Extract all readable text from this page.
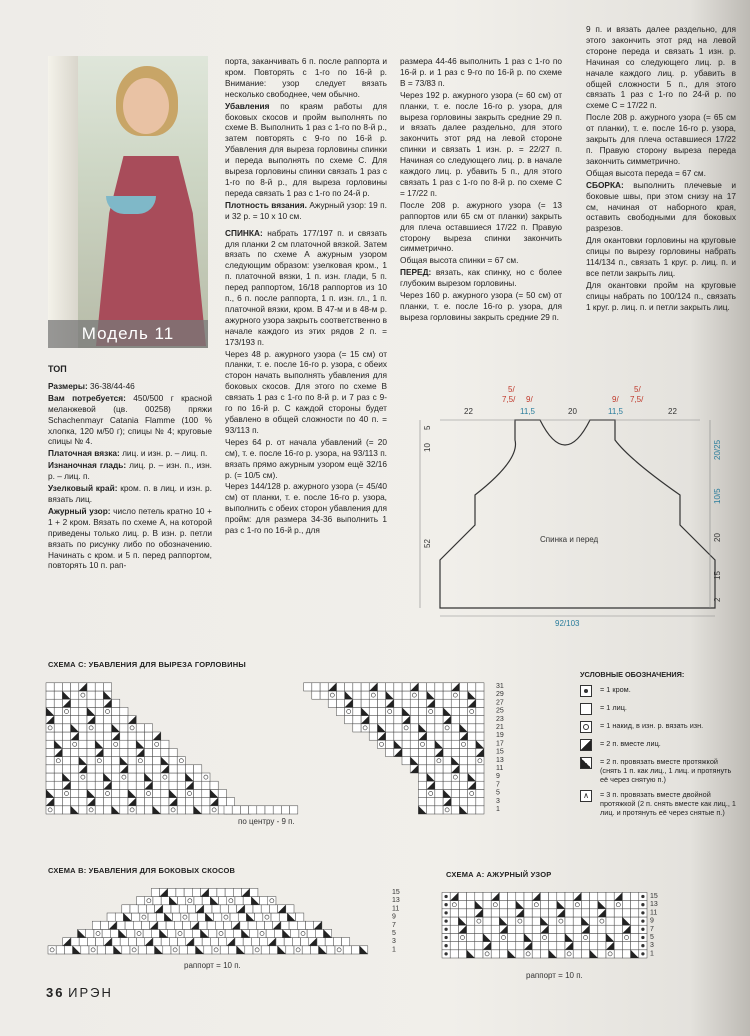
Модель 11
ТОП

Размеры: 36-38/44-46

Вам потребуется: 450/500 г красной меланжевой (цв. 00258) пряжи Schachenmayr Catania Flamme (100 % хлопка, 120 м/50 г); спицы № 4; круговые спицы № 4.

Платочная вязка: лиц. и изн. р. – лиц. п.

Изнаночная гладь: лиц. р. – изн. п., изн. р. – лиц. п.

Узелковый край: кром. п. в лиц. и изн. р. вязать лиц.

Ажурный узор: число петель кратно 10 + 1 + 2 кром. Вязать по схеме А, на которой приведены только лиц. р. В изн. р. петли вязать по рисунку либо по обозначению. Начинать с кром. и 5 п. перед раппортом, повторять 10 п. рап-

порта, заканчивать 6 п. после раппорта и кром. Повторять с 1-го по 16-й р. Внимание: узор следует вязать несколько свободнее, чем обычно.

Убавления по краям работы для боковых скосов и пройм выполнять по схеме В. Выполнить 1 раз с 1-го по 8-й р., затем повторять с 9-го по 16-й р. Убавления для выреза горловины спинки и переда выполнять по схеме С. Для выреза горловины спинки связать 1 раз с 1-го по 8-й р., для выреза горловины переда связать 1 раз с 1-го по 24-й р.

Плотность вязания. Ажурный узор: 19 п. и 32 р. = 10 х 10 см.

СПИНКА: набрать 177/197 п. и связать для планки 2 см платочной вязкой. Затем вязать по схеме А ажурным узором следующим образом: узелковая кром., 1 п. платочной вязки, 1 п. изн. глади, 5 п. перед раппортом, 16/18 раппортов из 10 п., 6 п. после раппорта, 1 п. изн. гл., 1 п. платочной вязки, кром. В 47-м и в 48-м р. ажурного узора закрыть соответственно в начале каждого из этих рядов 2 п. = 173/193 п.

Через 48 р. ажурного узора (= 15 см) от планки, т. е. после 16-го р. узора, с обеих сторон начать выполнять убавления для боковых скосов. Для этого по схеме В связать 1 раз с 1-го по 8-й р. и 7 раз с 9-го по 16-й р. С каждой стороны будет убавлено в общей сложности по 40 п. = 93/113 п.

Через 64 р. от начала убавлений (= 20 см), т. е. после 16-го р. узора, на 93/113 п. вязать прямо ажурным узором ещё 32/16 р. (= 10/5 см).

Через 144/128 р. ажурного узора (= 45/40 см) от планки, т. е. после 16-го р. узора, выполнить с обеих сторон убавления для пройм: для размера 34-36 выполнить 1 раз с 1-го по 16-й р., для

размера 44-46 выполнить 1 раз с 1-го по 16-й р. и 1 раз с 9-го по 16-й р. по схеме В = 73/83 п.

Через 192 р. ажурного узора (= 60 см) от планки, т. е. после 16-го р. узора, для выреза горловины закрыть средние 29 п. и вязать далее раздельно, для этого закончить этот ряд на левой стороне спинки и связать 1 изн. р. = 22/27 п. Начиная со следующего лиц. р. в начале каждого лиц. р. убавить 5 п., для этого связать 1 раз с 1-го по 8-й р. по схеме С = 17/22 п.

После 208 р. ажурного узора (= 13 раппортов или 65 см от планки) закрыть для плеча оставшиеся 17/22 п. Правую сторону выреза спинки закончить симметрично.

Общая высота спинки = 67 см.

ПЕРЕД: вязать, как спинку, но с более глубоким вырезом горловины.

Через 160 р. ажурного узора (= 50 см) от планки, т. е. после 16-го р. узора, для выреза горловины закрыть средние 29 п.

9 п. и вязать далее раздельно, для этого закончить этот ряд на левой стороне переда и связать 1 изн. р. Начиная со следующего лиц. р. в начале каждого лиц. р. убавить в общей сложности 5 п., для этого связать 1 раз с 1-го по 24-й р. по схеме С = 17/22 п.

После 208 р. ажурного узора (= 65 см от планки), т. е. после 16-го р. узора, закрыть для плеча оставшиеся 17/22 п. Правую сторону выреза переда закончить симметрично.

Общая высота переда = 67 см.

СБОРКА: выполнить плечевые и боковые швы, при этом снизу на 17 см, начиная от наборного края, оставить свободными для боковых разрезов.

Для окантовки горловины на круговые спицы по вырезу горловины набрать 114/134 п., связать 1 круг. р. лиц. п. и все петли закрыть лиц.

Для окантовки пройм на круговые спицы набрать по 100/124 п., связать 1 круг. р. лиц. п. и петли закрыть лиц.

5/
7,5/ 9/
11,5
9/
11,5
5/
7,5/
22	20	22
10
5
52
92/103
20/25
10/5
20
15
2
Спинка и перед
СХЕМА С: УБАВЛЕНИЯ ДЛЯ ВЫРЕЗА ГОРЛОВИНЫ
по центру - 9 п.
31
29
27
25
23
21
19
17
15
13
11
9
7
5
3
1
СХЕМА В: УБАВЛЕНИЯ ДЛЯ БОКОВЫХ СКОСОВ
раппорт = 10 п.
15
13
11
9
7
5
3
1
СХЕМА А: АЖУРНЫЙ УЗОР
раппорт = 10 п.
15
13
11
9
7
5
3
1
УСЛОВНЫЕ ОБОЗНАЧЕНИЯ:
= 1 кром.
= 1 лиц.
= 1 накид, в изн. р. вязать изн.
= 2 п. вместе лиц.
= 2 п. провязать вместе протяжкой (снять 1 п. как лиц., 1 лиц. и протянуть её через снятую п.)
∧	= 3 п. провязать вместе двойной протяжкой (2 п. снять вместе как лиц., 1 лиц. и протянуть её через снятые п.)
36 ИРЭН
